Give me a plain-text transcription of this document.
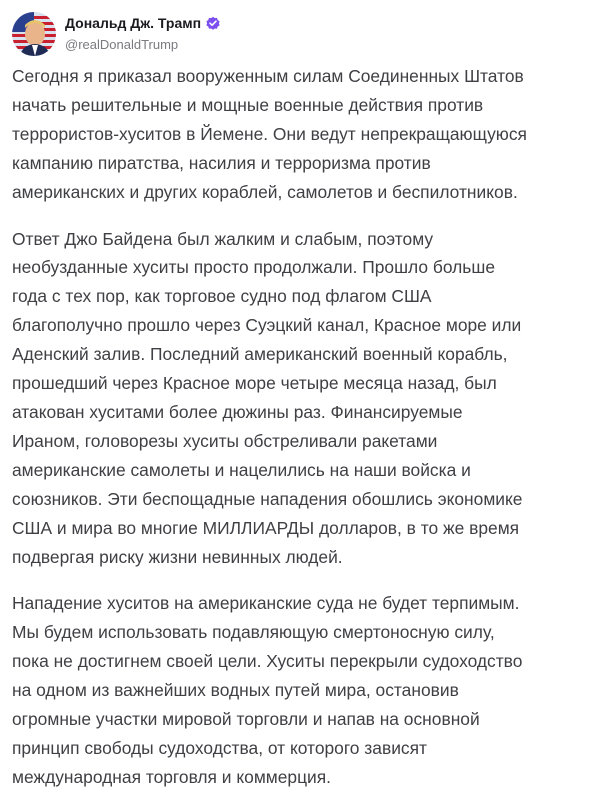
Дональд Дж. Трамп
@realDonaldTrump

Сегодня я приказал вооруженным силам Соединенных Штатов
начать решительные и мощные военные действия против
террористов-хуситов в Йемене. Они ведут непрекращающуюся
кампанию пиратства, насилия и терроризма против
американских и других кораблей, самолетов и беспилотников.

Ответ Джо Байдена был жалким и слабым, поэтому
необузданные хуситы просто продолжали. Прошло больше
года с тех пор, как торговое судно под флагом США
благополучно прошло через Суэцкий канал, Красное море или
Аденский залив. Последний американский военный корабль,
прошедший через Красное море четыре месяца назад, был
атакован хуситами более дюжины раз. Финансируемые
Ираном, головорезы хуситы обстреливали ракетами
американские самолеты и нацелились на наши войска и
союзников. Эти беспощадные нападения обошлись экономике
США и мира во многие МИЛЛИАРДЫ долларов, в то же время
подвергая риску жизни невинных людей.

Нападение хуситов на американские суда не будет терпимым.
Мы будем использовать подавляющую смертоносную силу,
пока не достигнем своей цели. Хуситы перекрыли судоходство
на одном из важнейших водных путей мира, остановив
огромные участки мировой торговли и напав на основной
принцип свободы судоходства, от которого зависят
международная торговля и коммерция.
